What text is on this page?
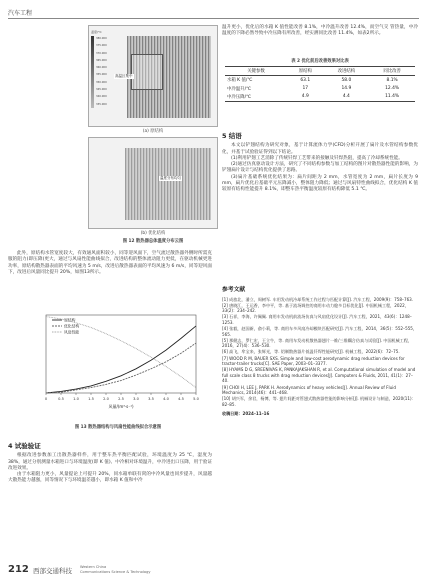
汽车工程
温度/°C
380.000
375.000
370.000
365.000
360.000
355.000
350.000
345.000
340.000
335.000
高温区集中
(a) 原结构
温度分布均匀
(b) 优化结构
图 12 散热器总体温度分布云图

此外，原结构水管宽度较大，有效通风面积较小，同等迎风面下，空气流过散热器外侧时所需克服的阻力(即压降)更大，通过与风扇性能曲线拟合，改进结构的整体流动阻力更低，在驱动机械更进功率，原结构散热器表面的平均风速为 5 m/s，改进后散热器表面的平均风速为 6 m/s，同等迎风面下，改进后风量同比提升 20%，如图13所示。

0	0.5	1.0	1.5	2.0	2.5	3.0	3.5	4.0	4.5	5.0
原结构
优化结构
风扇性能
风量/(m³·s⁻¹)
图 13 散热器结构与风扇性能曲线拟合示意图
4 试验验证

根据改进参数加工出散热器样件，用于整车热平衡匹配试验，环境温度为 25 ℃，湿度为 38%，通过分别测量水箱进口与环境温度(即 K 值)、中冷相对环境温升，中冷进出口压降，用于验证改进效果。

由于水箱阻力更小，风量提论上可提升 20%，同水箱单联有窝的中冷风量也同步提升，风量越大散热能力越强，同等情况下与环境温差越小，即水箱 K 值和中冷

温升更小，优化后的水箱 K 值性能改善 8.1%，中冷温升改善 12.4%，而空气交 管热量，中冷温度的下降必然导致中冷压降有所改善，经实测同比改善 11.4%，如表2所示。

表 2 优化前后改善效果对比表
关键参数	原结构	改进结构	同比改善
水箱 K 值/℃	63.1	58.0	8.1%
中冷温升/℃	17	14.9	12.4%
中冷压降/℃	4.9	4.4	11.4%
5 结语

本文以铲翅结构为研究对象，基于计算流体力学(CFD)分析开展了扁片及水管结构参数优化，并基于试验验证得到以下结论。

(1)利用铲翅工艺消除了传统钎焊工艺带来的接触及钎焊热阻，提高了冷却系统性能。

(2)通过仿真驱动设计方法，研究了不同结构参数与加工结构的图片对散热器性能的影响，为铲翅扁片设计与结构优化提供了思路。

(3)扁片基础系统优化结果为：扁片间距为 2 mm，水管宽度为 2 mm，扁片长度为 9 mm，扁片优化后基础平元压降减小，整体阻力降低；通过与风扇特性曲线拟合，优化结构 K 值较原有结构性能提升 8.1%，即整车热平衡温度较原有结构降低 5.1 ℃。

参考文献
[1] 成旅北，潘立，周树军. 车用发动机冷却系统工作过程与匹配计算[J]. 汽车工程，2009(9)：758–763.
[2] 唐晓江，王运香，李中平，等. 基于流场调控的商用车动力舱多目标优化[J]. 中国机械工程，2022，33(2)：234–242.
[3] 石祥，李海，许佩佩. 商用车发动机前流场仿真与风扇优化设计[J]. 汽车工程，2021，43(6)：1248–1253.
[4] 张毅，赵国新，俞小莉，等. 商用车多风扇冷却模块匹配研究[J]. 汽车工程，2014，36(5)：552–555，565.
[5] 那健志，罗仁宏，王立牛，等. 商用车发动机散热器翅片一维/三维耦合仿真与试验[J]. 中国机械工程，2016，27(4)：536–530.
[6] 高飞，牟宝来，张辉光，等. 铝制散热器片低温钎焊性能研究[J]. 机械工程，2022(6)：72–75.
[7] WOOD R M, BAUER SXS. Simple and low-cost aerodynamic drag reduction devices for tractor-trailer trucks[C]. SAE Paper, 2003–01–3377.
[8] HYAMS D G, SREENIVAS K, PANKAJAKSHAN R, et al. Computational simulation of model and full scale class 8 trucks with drag reduction devices[J]. Computers & Fluids, 2011, 41(1)：27–40.
[9] CHOI H, LEE J, PARK H. Aerodynamics of heavy vehicles[J]. Annual Review of Fluid Mechanics, 2014(46)：441–468.
[10] 胡兴军，余君，杨博，等. 翅片间距对管翅式散热器性能的影响分析[J]. 机械设计与制造，2020(11)：82–85.
收稿日期：2024–11–16
212 西部交通科技 Western China
Communications Science & Technology
